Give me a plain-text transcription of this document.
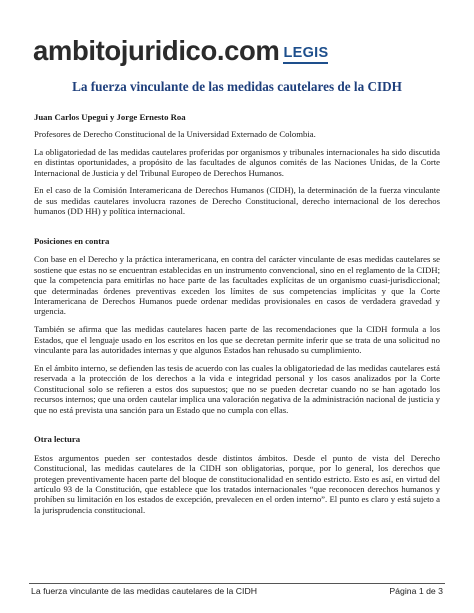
ambitojuridico.com LEGIS
La fuerza vinculante de las medidas cautelares de la CIDH

Juan Carlos Upegui y Jorge Ernesto Roa

Profesores de Derecho Constitucional de la Universidad Externado de Colombia.

La obligatoriedad de las medidas cautelares proferidas por organismos y tribunales internacionales ha sido discutida en distintas oportunidades, a propósito de las facultades de algunos comités de las Naciones Unidas, de la Corte Internacional de Justicia y del Tribunal Europeo de Derechos Humanos.

En el caso de la Comisión Interamericana de Derechos Humanos (CIDH), la determinación de la fuerza vinculante de sus medidas cautelares involucra razones de Derecho Constitucional, derecho internacional de los derechos humanos (DD HH) y política internacional.

Posiciones en contra

Con base en el Derecho y la práctica interamericana, en contra del carácter vinculante de esas medidas cautelares se sostiene que estas no se encuentran establecidas en un instrumento convencional, sino en el reglamento de la CIDH; que la competencia para emitirlas no hace parte de las facultades explícitas de un organismo cuasi-jurisdiccional; que determinadas órdenes preventivas exceden los límites de sus competencias implícitas y que la Corte Interamericana de Derechos Humanos puede ordenar medidas provisionales en casos de verdadera gravedad y urgencia.

También se afirma que las medidas cautelares hacen parte de las recomendaciones que la CIDH formula a los Estados, que el lenguaje usado en los escritos en los que se decretan permite inferir que se trata de una solicitud no vinculante para las autoridades internas y que algunos Estados han rehusado su cumplimiento.

En el ámbito interno, se defienden las tesis de acuerdo con las cuales la obligatoriedad de las medidas cautelares está reservada a la protección de los derechos a la vida e integridad personal y los casos analizados por la Corte Constitucional solo se refieren a estos dos supuestos; que no se pueden decretar cuando no se han agotado los recursos internos; que una orden cautelar implica una valoración negativa de la administración nacional de justicia y que no está prevista una sanción para un Estado que no cumpla con ellas.

Otra lectura

Estos argumentos pueden ser contestados desde distintos ámbitos. Desde el punto de vista del Derecho Constitucional, las medidas cautelares de la CIDH son obligatorias, porque, por lo general, los derechos que protegen preventivamente hacen parte del bloque de constitucionalidad en sentido estricto. Esto es así, en virtud del artículo 93 de la Constitución, que establece que los tratados internacionales “que reconocen derechos humanos y prohíben su limitación en los estados de excepción, prevalecen en el orden interno”. El punto es claro y está sujeto a la jurisprudencia constitucional.

La fuerza vinculante de las medidas cautelares de la CIDH	Página 1 de 3
